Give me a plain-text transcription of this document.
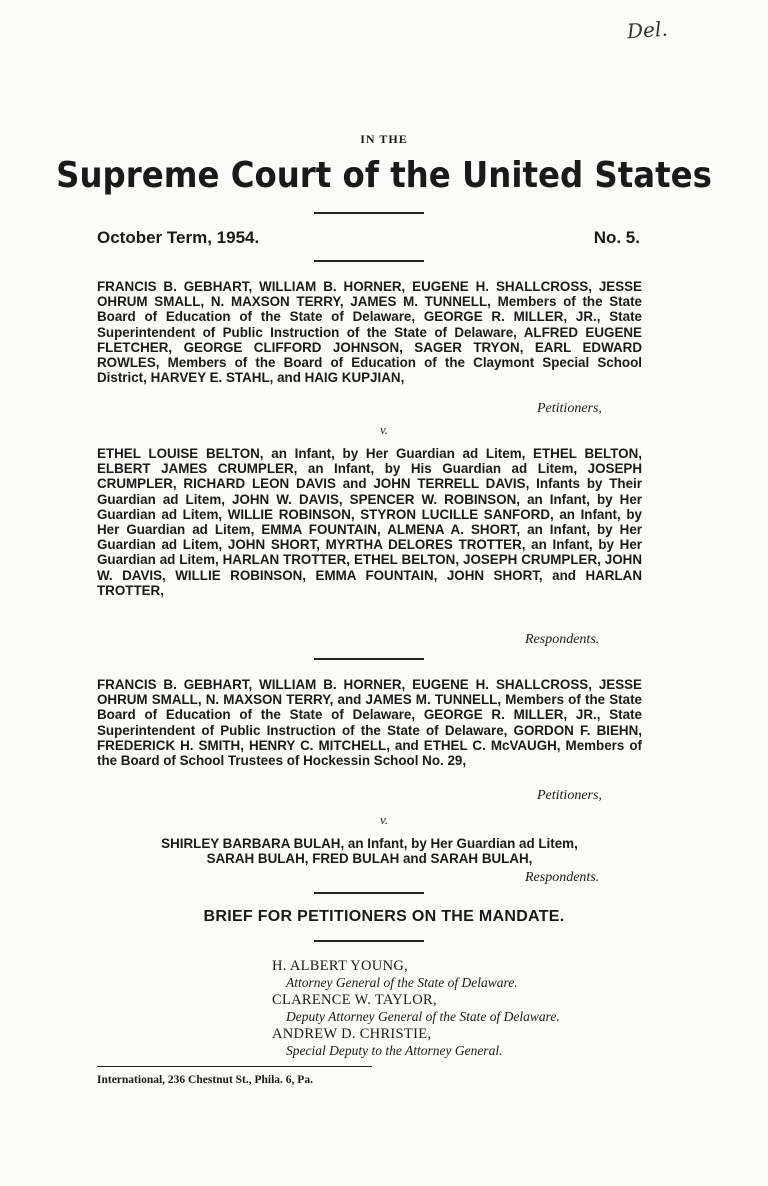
Del.
IN THE
Supreme Court of the United States
October Term, 1954.	No. 5.
FRANCIS B. GEBHART, WILLIAM B. HORNER, EUGENE H. SHALLCROSS, JESSE OHRUM SMALL, N. MAXSON TERRY, JAMES M. TUNNELL, Members of the State Board of Education of the State of Delaware, GEORGE R. MILLER, JR., State Superintendent of Public Instruction of the State of Delaware, ALFRED EUGENE FLETCHER, GEORGE CLIFFORD JOHNSON, SAGER TRYON, EARL EDWARD ROWLES, Members of the Board of Education of the Claymont Special School District, HARVEY E. STAHL, and HAIG KUPJIAN,
Petitioners,
v.
ETHEL LOUISE BELTON, an Infant, by Her Guardian ad Litem, ETHEL BELTON, ELBERT JAMES CRUMPLER, an Infant, by His Guardian ad Litem, JOSEPH CRUMPLER, RICHARD LEON DAVIS and JOHN TERRELL DAVIS, Infants by Their Guardian ad Litem, JOHN W. DAVIS, SPENCER W. ROBINSON, an Infant, by Her Guardian ad Litem, WILLIE ROBINSON, STYRON LUCILLE SANFORD, an Infant, by Her Guardian ad Litem, EMMA FOUNTAIN, ALMENA A. SHORT, an Infant, by Her Guardian ad Litem, JOHN SHORT, MYRTHA DELORES TROTTER, an Infant, by Her Guardian ad Litem, HARLAN TROTTER, ETHEL BELTON, JOSEPH CRUMPLER, JOHN W. DAVIS, WILLIE ROBINSON, EMMA FOUNTAIN, JOHN SHORT, and HARLAN TROTTER,
Respondents.
FRANCIS B. GEBHART, WILLIAM B. HORNER, EUGENE H. SHALLCROSS, JESSE OHRUM SMALL, N. MAXSON TERRY, and JAMES M. TUNNELL, Members of the State Board of Education of the State of Delaware, GEORGE R. MILLER, JR., State Superintendent of Public Instruction of the State of Delaware, GORDON F. BIEHN, FREDERICK H. SMITH, HENRY C. MITCHELL, and ETHEL C. McVAUGH, Members of the Board of School Trustees of Hockessin School No. 29,
Petitioners,
v.
SHIRLEY BARBARA BULAH, an Infant, by Her Guardian ad Litem,
SARAH BULAH, FRED BULAH and SARAH BULAH,
Respondents.
BRIEF FOR PETITIONERS ON THE MANDATE.
H. ALBERT YOUNG,
Attorney General of the State of Delaware.
CLARENCE W. TAYLOR,
Deputy Attorney General of the State of Delaware.
ANDREW D. CHRISTIE,
Special Deputy to the Attorney General.
International, 236 Chestnut St., Phila. 6, Pa.
